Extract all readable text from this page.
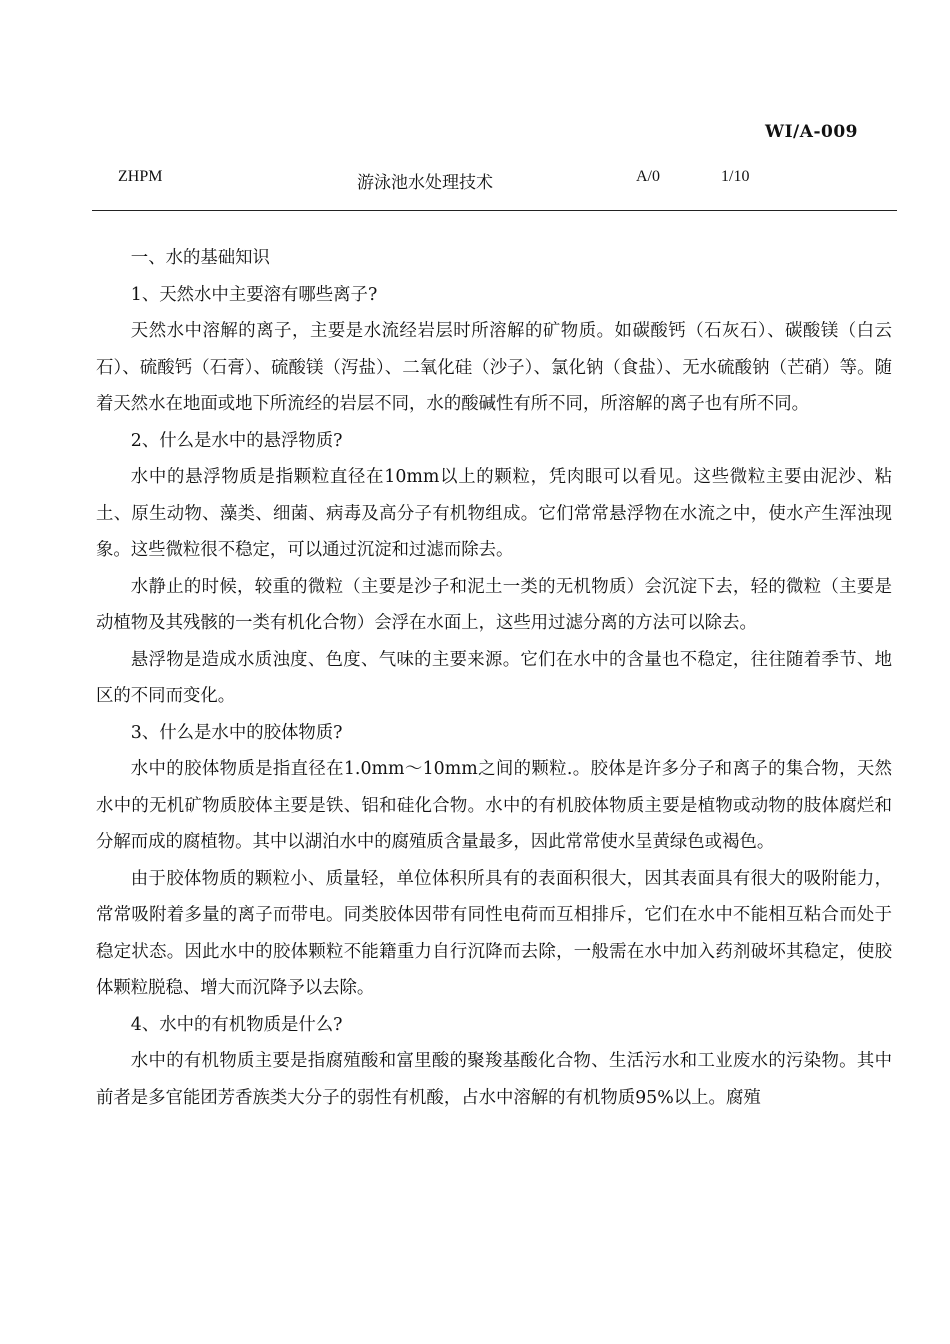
WI/A-009
ZHPM	游泳池水处理技术	A/0	1/10

一、水的基础知识

1、天然水中主要溶有哪些离子?

天然水中溶解的离子，主要是水流经岩层时所溶解的矿物质。如碳酸钙（石灰石）、碳酸镁（白云石）、硫酸钙（石膏）、硫酸镁（泻盐）、二氧化硅（沙子）、氯化钠（食盐）、无水硫酸钠（芒硝）等。随着天然水在地面或地下所流经的岩层不同，水的酸碱性有所不同，所溶解的离子也有所不同。

2、什么是水中的悬浮物质?

水中的悬浮物质是指颗粒直径在10mm以上的颗粒，凭肉眼可以看见。这些微粒主要由泥沙、粘土、原生动物、藻类、细菌、病毒及高分子有机物组成。它们常常悬浮物在水流之中，使水产生浑浊现象。这些微粒很不稳定，可以通过沉淀和过滤而除去。

水静止的时候，较重的微粒（主要是沙子和泥土一类的无机物质）会沉淀下去，轻的微粒（主要是动植物及其残骸的一类有机化合物）会浮在水面上，这些用过滤分离的方法可以除去。

悬浮物是造成水质浊度、色度、气味的主要来源。它们在水中的含量也不稳定，往往随着季节、地区的不同而变化。

3、什么是水中的胶体物质?

水中的胶体物质是指直径在1.0mm～10mm之间的颗粒.。胶体是许多分子和离子的集合物，天然水中的无机矿物质胶体主要是铁、铝和硅化合物。水中的有机胶体物质主要是植物或动物的肢体腐烂和分解而成的腐植物。其中以湖泊水中的腐殖质含量最多，因此常常使水呈黄绿色或褐色。

由于胶体物质的颗粒小、质量轻，单位体积所具有的表面积很大，因其表面具有很大的吸附能力，常常吸附着多量的离子而带电。同类胶体因带有同性电荷而互相排斥，它们在水中不能相互粘合而处于稳定状态。因此水中的胶体颗粒不能籍重力自行沉降而去除，一般需在水中加入药剂破坏其稳定，使胶体颗粒脱稳、增大而沉降予以去除。

4、水中的有机物质是什么?

水中的有机物质主要是指腐殖酸和富里酸的聚羧基酸化合物、生活污水和工业废水的污染物。其中前者是多官能团芳香族类大分子的弱性有机酸，占水中溶解的有机物质95%以上。腐殖
